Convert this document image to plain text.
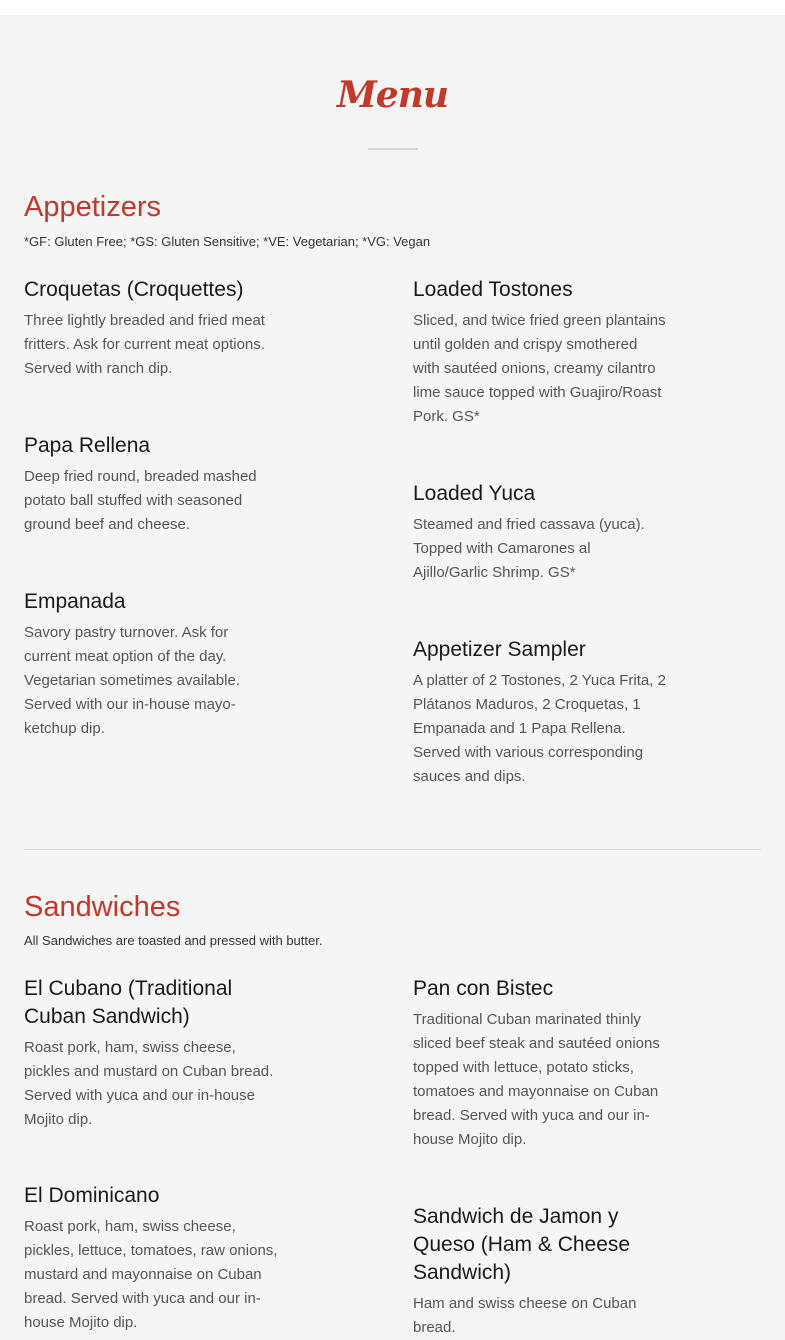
Menu
Appetizers

*GF: Gluten Free; *GS: Gluten Sensitive; *VE: Vegetarian; *VG: Vegan

Croquetas (Croquettes)

Three lightly breaded and fried meat fritters. Ask for current meat options. Served with ranch dip.

Papa Rellena

Deep fried round, breaded mashed potato ball stuffed with seasoned ground beef and cheese.

Empanada

Savory pastry turnover. Ask for current meat option of the day. Vegetarian sometimes available. Served with our in-house mayo-ketchup dip.

Loaded Tostones

Sliced, and twice fried green plantains until golden and crispy smothered with sautéed onions, creamy cilantro lime sauce topped with Guajiro/Roast Pork. GS*

Loaded Yuca

Steamed and fried cassava (yuca). Topped with Camarones al Ajillo/Garlic Shrimp. GS*

Appetizer Sampler

A platter of 2 Tostones, 2 Yuca Frita, 2 Plátanos Maduros, 2 Croquetas, 1 Empanada and 1 Papa Rellena. Served with various corresponding sauces and dips.

Sandwiches

All Sandwiches are toasted and pressed with butter.

El Cubano (Traditional Cuban Sandwich)

Roast pork, ham, swiss cheese, pickles and mustard on Cuban bread. Served with yuca and our in-house Mojito dip.

El Dominicano

Roast pork, ham, swiss cheese, pickles, lettuce, tomatoes, raw onions, mustard and mayonnaise on Cuban bread. Served with yuca and our in-house Mojito dip.

Pan con Bistec

Traditional Cuban marinated thinly sliced beef steak and sautéed onions topped with lettuce, potato sticks, tomatoes and mayonnaise on Cuban bread. Served with yuca and our in-house Mojito dip.

Sandwich de Jamon y Queso (Ham & Cheese Sandwich)

Ham and swiss cheese on Cuban bread.
